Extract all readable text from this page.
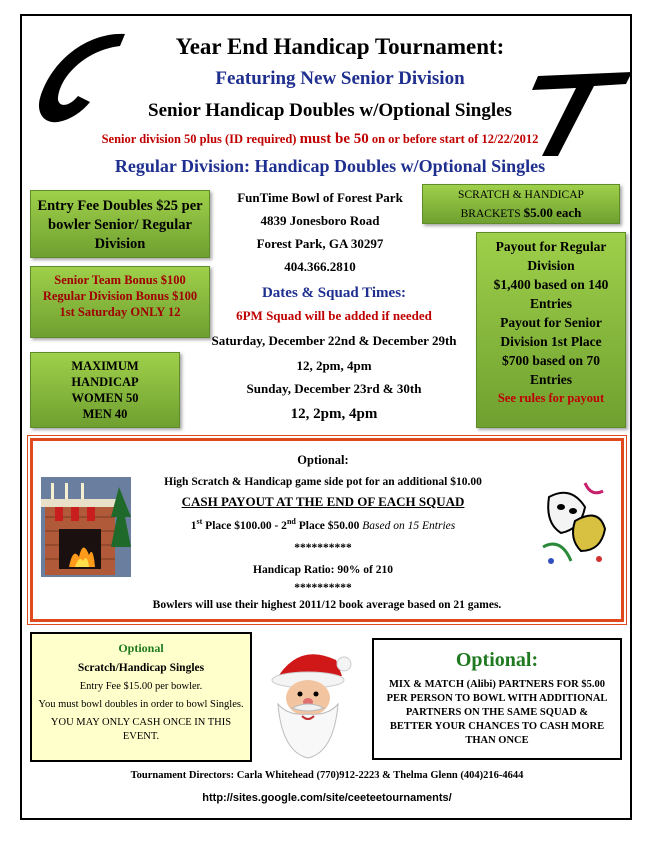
Year End Handicap Tournament:
Featuring New Senior Division
Senior Handicap Doubles w/Optional Singles
Senior division 50 plus (ID required) must be 50 on or before start of 12/22/2012
Regular Division: Handicap Doubles w/Optional Singles
Entry Fee Doubles $25 per bowler Senior/ Regular Division
Senior Team Bonus $100 Regular Division Bonus $100 1st Saturday ONLY 12
MAXIMUM HANDICAP
WOMEN 50
MEN 40
FunTime Bowl of Forest Park
4839 Jonesboro Road
Forest Park, GA 30297
404.366.2810
SCRATCH & HANDICAP BRACKETS $5.00 each
Payout for Regular Division
$1,400 based on 140
Entries
Payout for Senior Division 1st Place
$700 based on 70 Entries
See rules for payout
Dates & Squad Times:
6PM Squad will be added if needed
Saturday, December 22nd & December 29th
12, 2pm, 4pm
Sunday, December 23rd & 30th
12, 2pm, 4pm
Optional:
High Scratch & Handicap game side pot for an additional $10.00
CASH PAYOUT AT THE END OF EACH SQUAD
1st Place $100.00 - 2nd Place $50.00 Based on 15 Entries
**********
Handicap Ratio: 90% of 210
**********
Bowlers will use their highest 2011/12 book average based on 21 games.
Optional
Scratch/Handicap Singles
Entry Fee $15.00 per bowler.
You must bowl doubles in order to bowl Singles.
YOU MAY ONLY CASH ONCE IN THIS EVENT.
Optional:
MIX & MATCH (Alibi) PARTNERS FOR $5.00 PER PERSON TO BOWL WITH ADDITIONAL PARTNERS ON THE SAME SQUAD & BETTER YOUR CHANCES TO CASH MORE THAN ONCE
Tournament Directors: Carla Whitehead (770)912-2223 & Thelma Glenn (404)216-4644
http://sites.google.com/site/ceeteetournaments/
